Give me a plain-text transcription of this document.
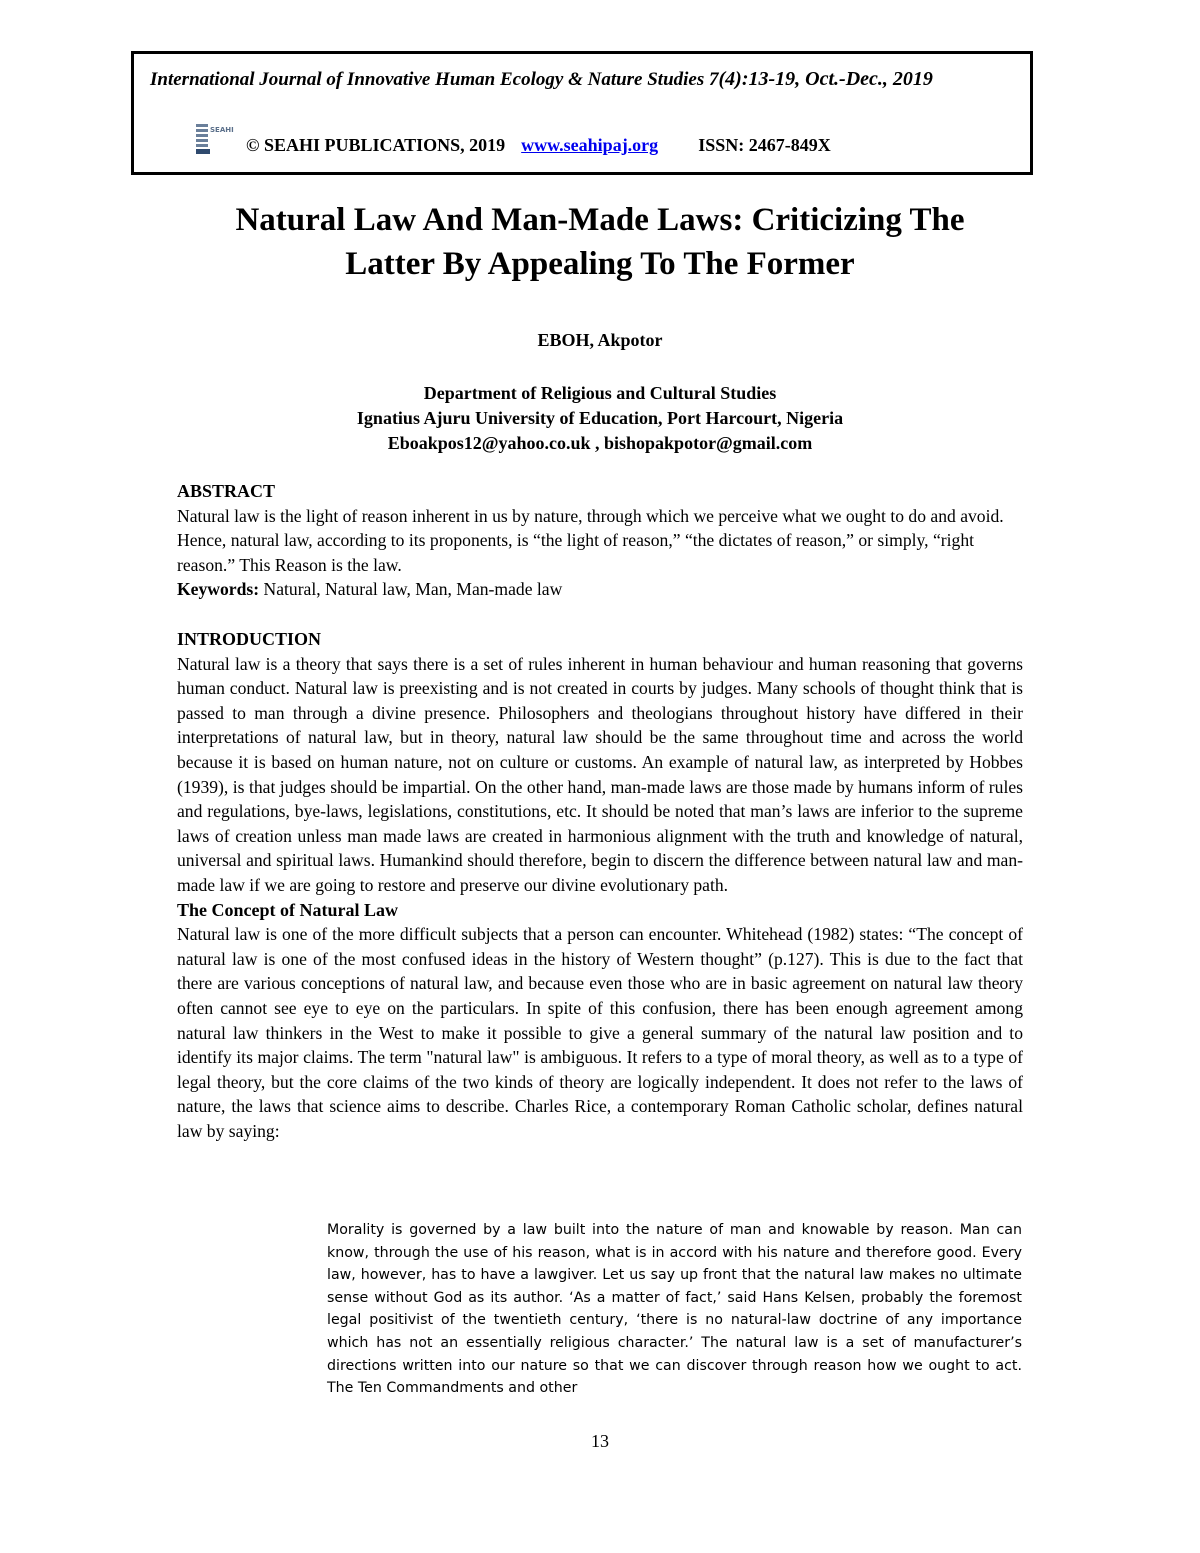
International Journal of Innovative Human Ecology & Nature Studies 7(4):13-19, Oct.-Dec., 2019
SEAHI
© SEAHI PUBLICATIONS, 2019 www.seahipaj.org ISSN: 2467-849X
Natural Law And Man-Made Laws: Criticizing The
Latter By Appealing To The Former
EBOH, Akpotor
Department of Religious and Cultural Studies
Ignatius Ajuru University of Education, Port Harcourt, Nigeria
Eboakpos12@yahoo.co.uk , bishopakpotor@gmail.com
ABSTRACT

Natural law is the light of reason inherent in us by nature, through which we perceive what we ought to do and avoid. Hence, natural law, according to its proponents, is “the light of reason,” “the dictates of reason,” or simply, “right reason.” This Reason is the law.

Keywords: Natural, Natural law, Man, Man-made law

INTRODUCTION

Natural law is a theory that says there is a set of rules inherent in human behaviour and human reasoning that governs human conduct. Natural law is preexisting and is not created in courts by judges. Many schools of thought think that is passed to man through a divine presence. Philosophers and theologians throughout history have differed in their interpretations of natural law, but in theory, natural law should be the same throughout time and across the world because it is based on human nature, not on culture or customs. An example of natural law, as interpreted by Hobbes (1939), is that judges should be impartial. On the other hand, man-made laws are those made by humans inform of rules and regulations, bye-laws, legislations, constitutions, etc. It should be noted that man’s laws are inferior to the supreme laws of creation unless man made laws are created in harmonious alignment with the truth and knowledge of natural, universal and spiritual laws. Humankind should therefore, begin to discern the difference between natural law and man-made law if we are going to restore and preserve our divine evolutionary path.

The Concept of Natural Law

Natural law is one of the more difficult subjects that a person can encounter. Whitehead (1982) states: “The concept of natural law is one of the most confused ideas in the history of Western thought” (p.127). This is due to the fact that there are various conceptions of natural law, and because even those who are in basic agreement on natural law theory often cannot see eye to eye on the particulars. In spite of this confusion, there has been enough agreement among natural law thinkers in the West to make it possible to give a general summary of the natural law position and to identify its major claims. The term "natural law" is ambiguous. It refers to a type of moral theory, as well as to a type of legal theory, but the core claims of the two kinds of theory are logically independent. It does not refer to the laws of nature, the laws that science aims to describe. Charles Rice, a contemporary Roman Catholic scholar, defines natural law by saying:

Morality is governed by a law built into the nature of man and knowable by reason. Man can know, through the use of his reason, what is in accord with his nature and therefore good. Every law, however, has to have a lawgiver. Let us say up front that the natural law makes no ultimate sense without God as its author. ‘As a matter of fact,’ said Hans Kelsen, probably the foremost legal positivist of the twentieth century, ‘there is no natural-law doctrine of any importance which has not an essentially religious character.’ The natural law is a set of manufacturer’s directions written into our nature so that we can discover through reason how we ought to act. The Ten Commandments and other
13
